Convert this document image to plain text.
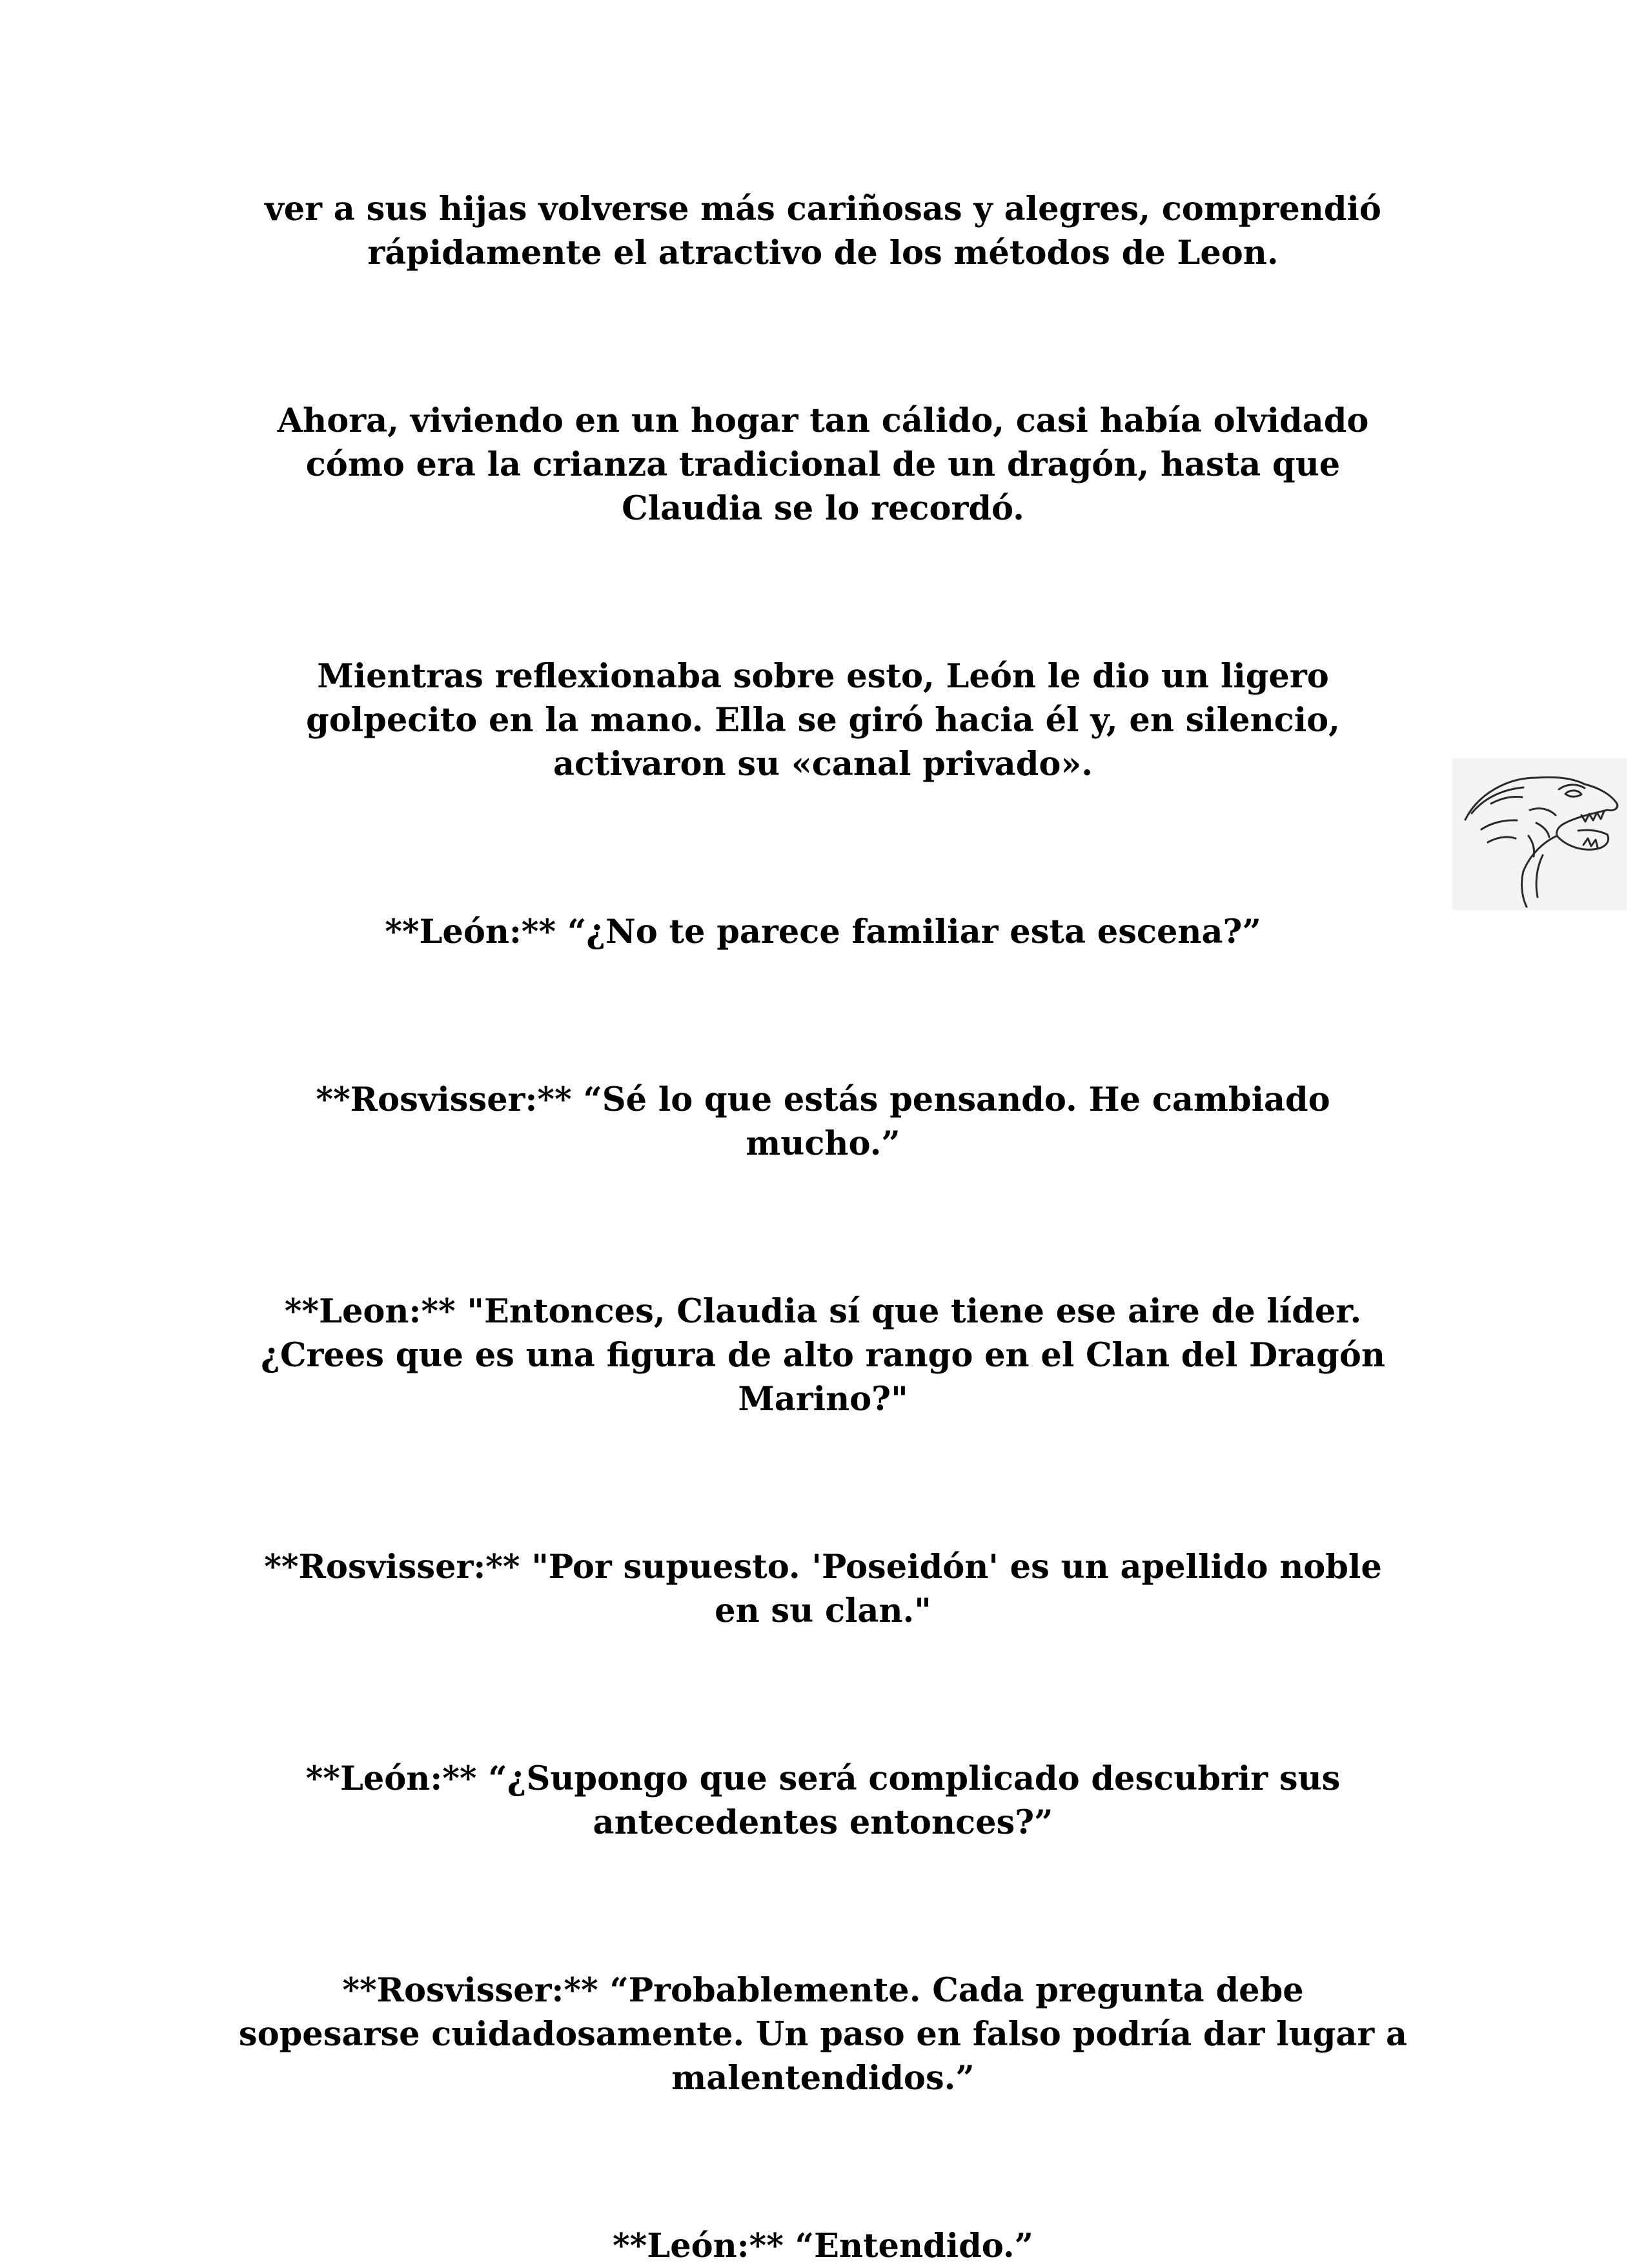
ver a sus hijas volverse más cariñosas y alegres, comprendió
rápidamente el atractivo de los métodos de Leon.

Ahora, viviendo en un hogar tan cálido, casi había olvidado
cómo era la crianza tradicional de un dragón, hasta que
Claudia se lo recordó.

Mientras reflexionaba sobre esto, León le dio un ligero
golpecito en la mano. Ella se giró hacia él y, en silencio,
activaron su «canal privado».

**León:** “¿No te parece familiar esta escena?”

**Rosvisser:** “Sé lo que estás pensando. He cambiado
mucho.”

**Leon:** "Entonces, Claudia sí que tiene ese aire de líder.
¿Crees que es una figura de alto rango en el Clan del Dragón
Marino?"

**Rosvisser:** "Por supuesto. 'Poseidón' es un apellido noble
en su clan."

**León:** “¿Supongo que será complicado descubrir sus
antecedentes entonces?”

**Rosvisser:** “Probablemente. Cada pregunta debe
sopesarse cuidadosamente. Un paso en falso podría dar lugar a
malentendidos.”

**León:** “Entendido.”
